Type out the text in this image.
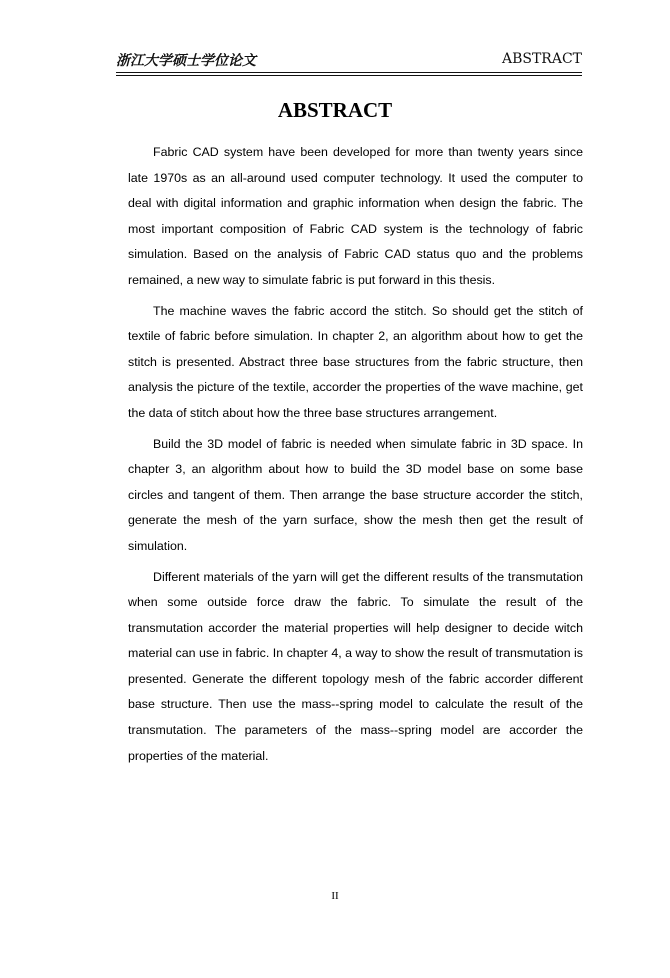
浙江大学硕士学位论文	ABSTRACT
ABSTRACT

Fabric CAD system have been developed for more than twenty years since late 1970s as an all-around used computer technology. It used the computer to deal with digital information and graphic information when design the fabric. The most important composition of Fabric CAD system is the technology of fabric simulation. Based on the analysis of Fabric CAD status quo and the problems remained, a new way to simulate fabric is put forward in this thesis.

The machine waves the fabric accord the stitch. So should get the stitch of textile of fabric before simulation. In chapter 2, an algorithm about how to get the stitch is presented. Abstract three base structures from the fabric structure, then analysis the picture of the textile, accorder the properties of the wave machine, get the data of stitch about how the three base structures arrangement.

Build the 3D model of fabric is needed when simulate fabric in 3D space. In chapter 3, an algorithm about how to build the 3D model base on some base circles and tangent of them. Then arrange the base structure accorder the stitch, generate the mesh of the yarn surface, show the mesh then get the result of simulation.

Different materials of the yarn will get the different results of the transmutation when some outside force draw the fabric. To simulate the result of the transmutation accorder the material properties will help designer to decide witch material can use in fabric. In chapter 4, a way to show the result of transmutation is presented. Generate the different topology mesh of the fabric accorder different base structure. Then use the mass--spring model to calculate the result of the transmutation. The parameters of the mass--spring model are accorder the properties of the material.

II
